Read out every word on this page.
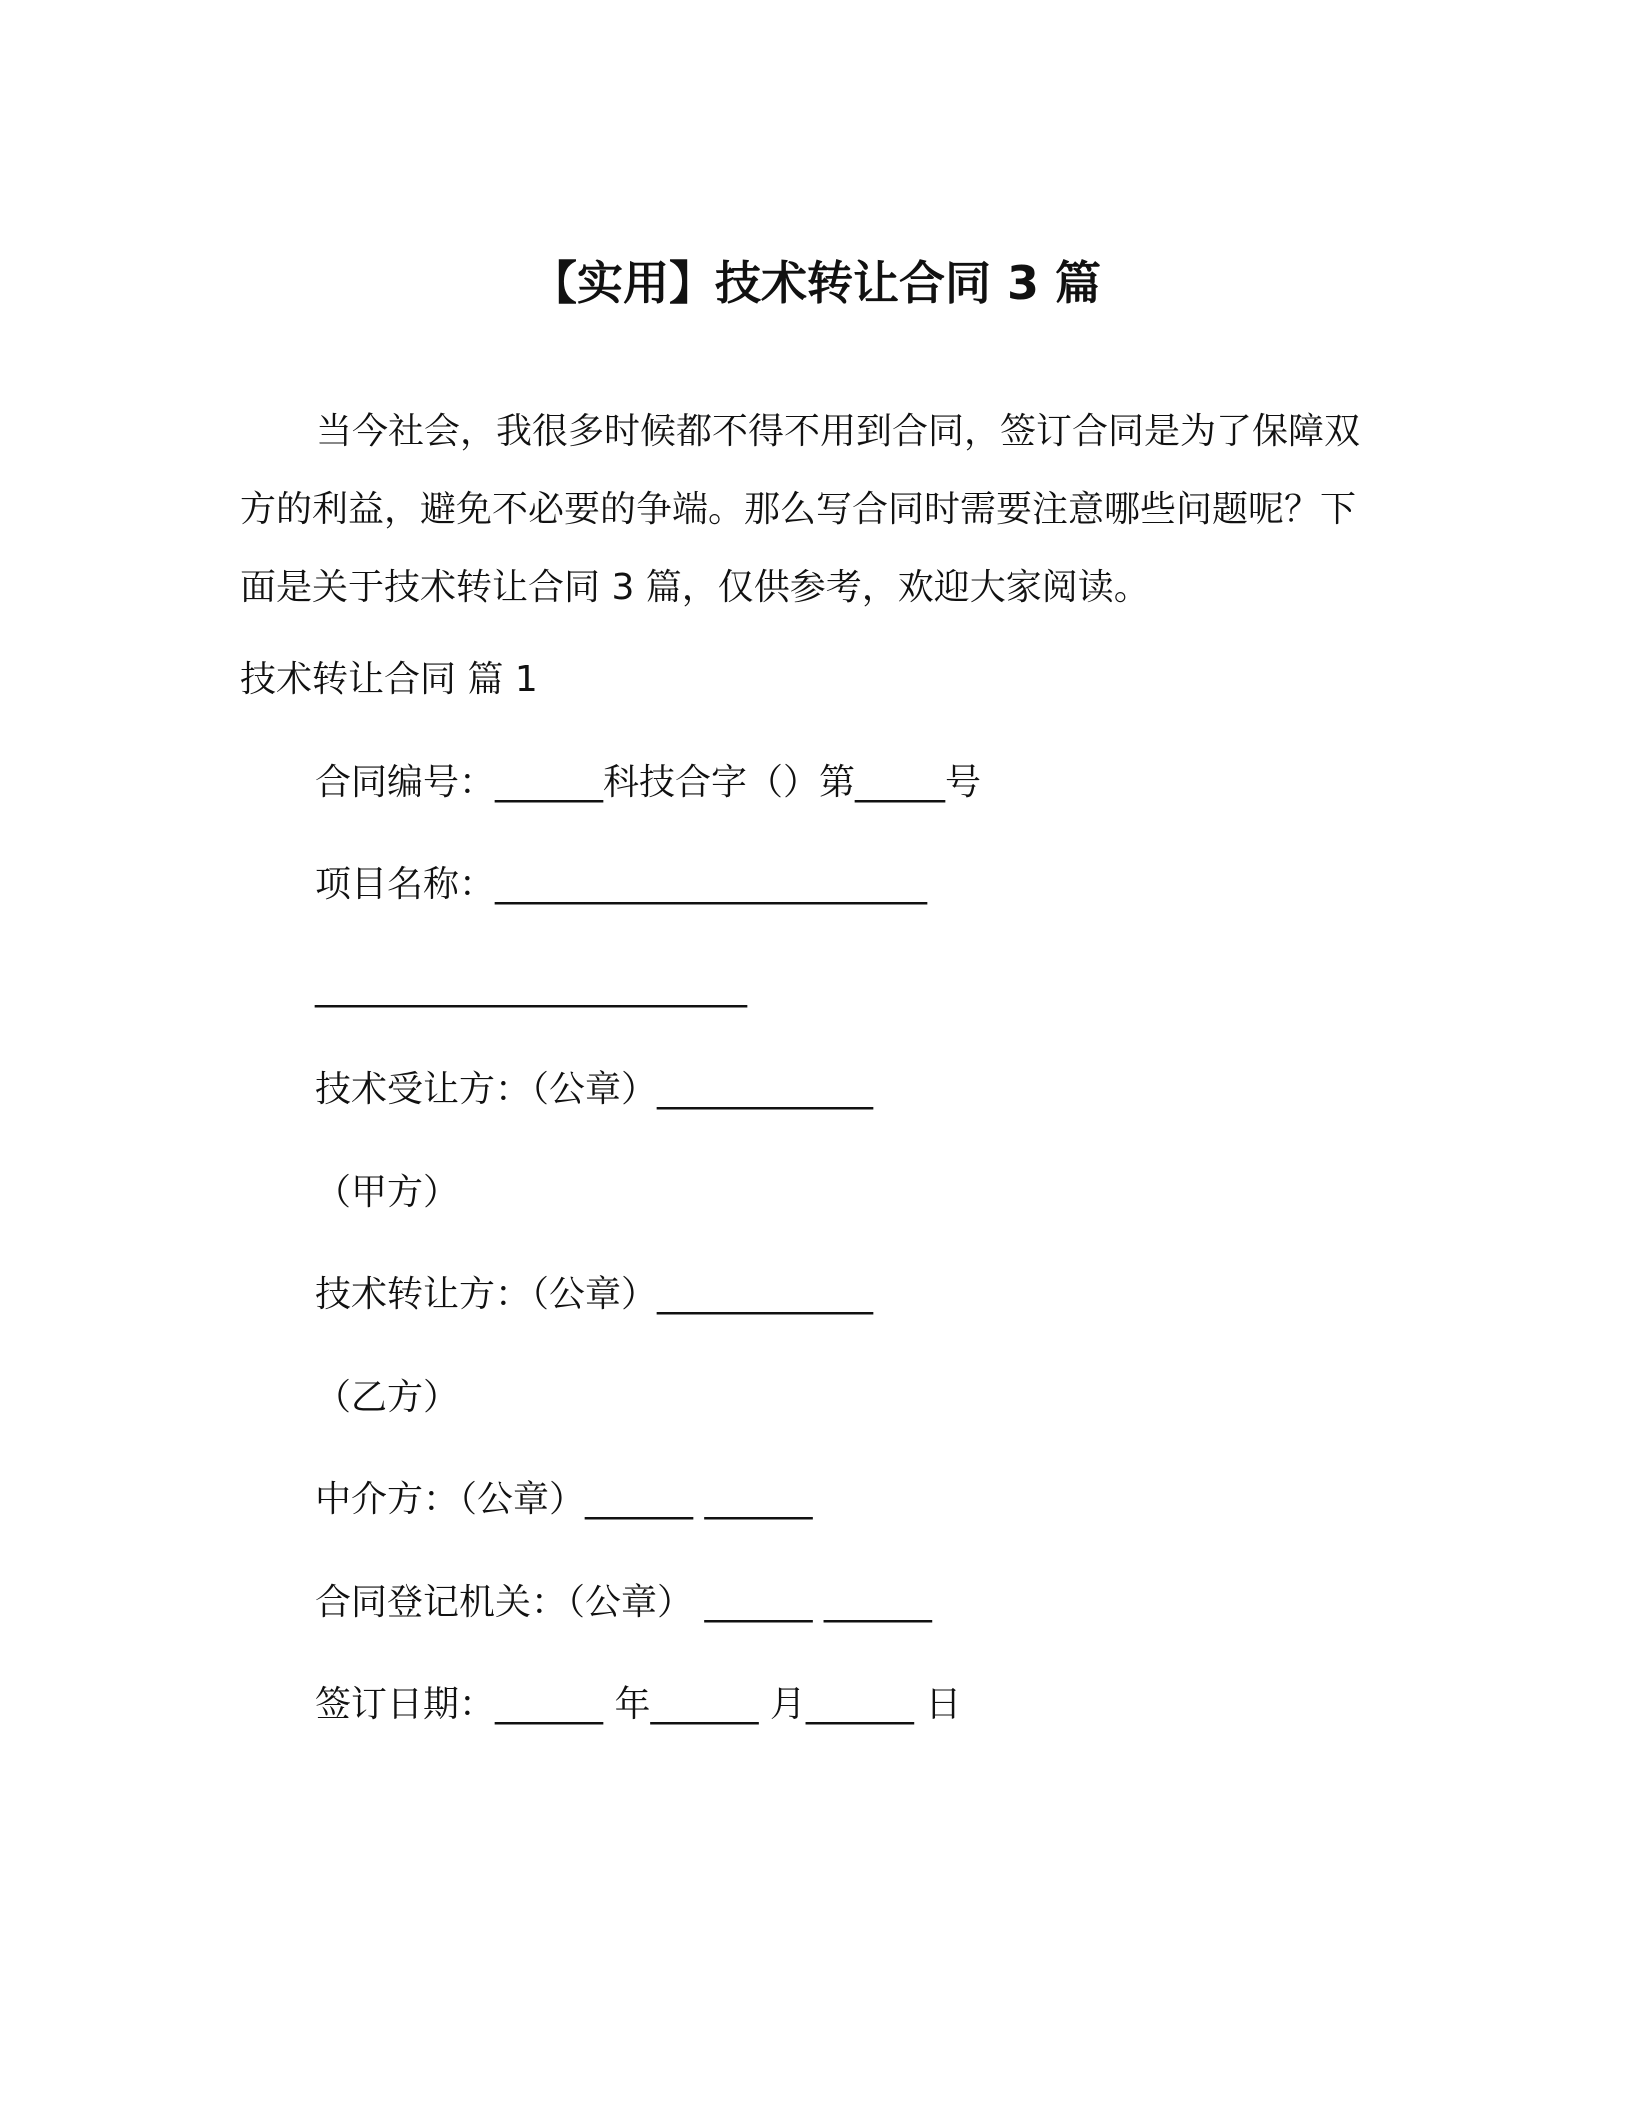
【实用】技术转让合同 3 篇

当今社会，我很多时候都不得不用到合同，签订合同是为了保障双方的利益，避免不必要的争端。那么写合同时需要注意哪些问题呢？下面是关于技术转让合同 3 篇，仅供参考，欢迎大家阅读。

技术转让合同 篇 1

合同编号：______科技合字（）第_____号

项目名称：________________________

________________________

技术受让方：（公章）____________

（甲方）

技术转让方：（公章）____________

（乙方）

中介方：（公章）______ ______

合同登记机关：（公章） ______ ______

签订日期：______ 年______ 月______ 日
